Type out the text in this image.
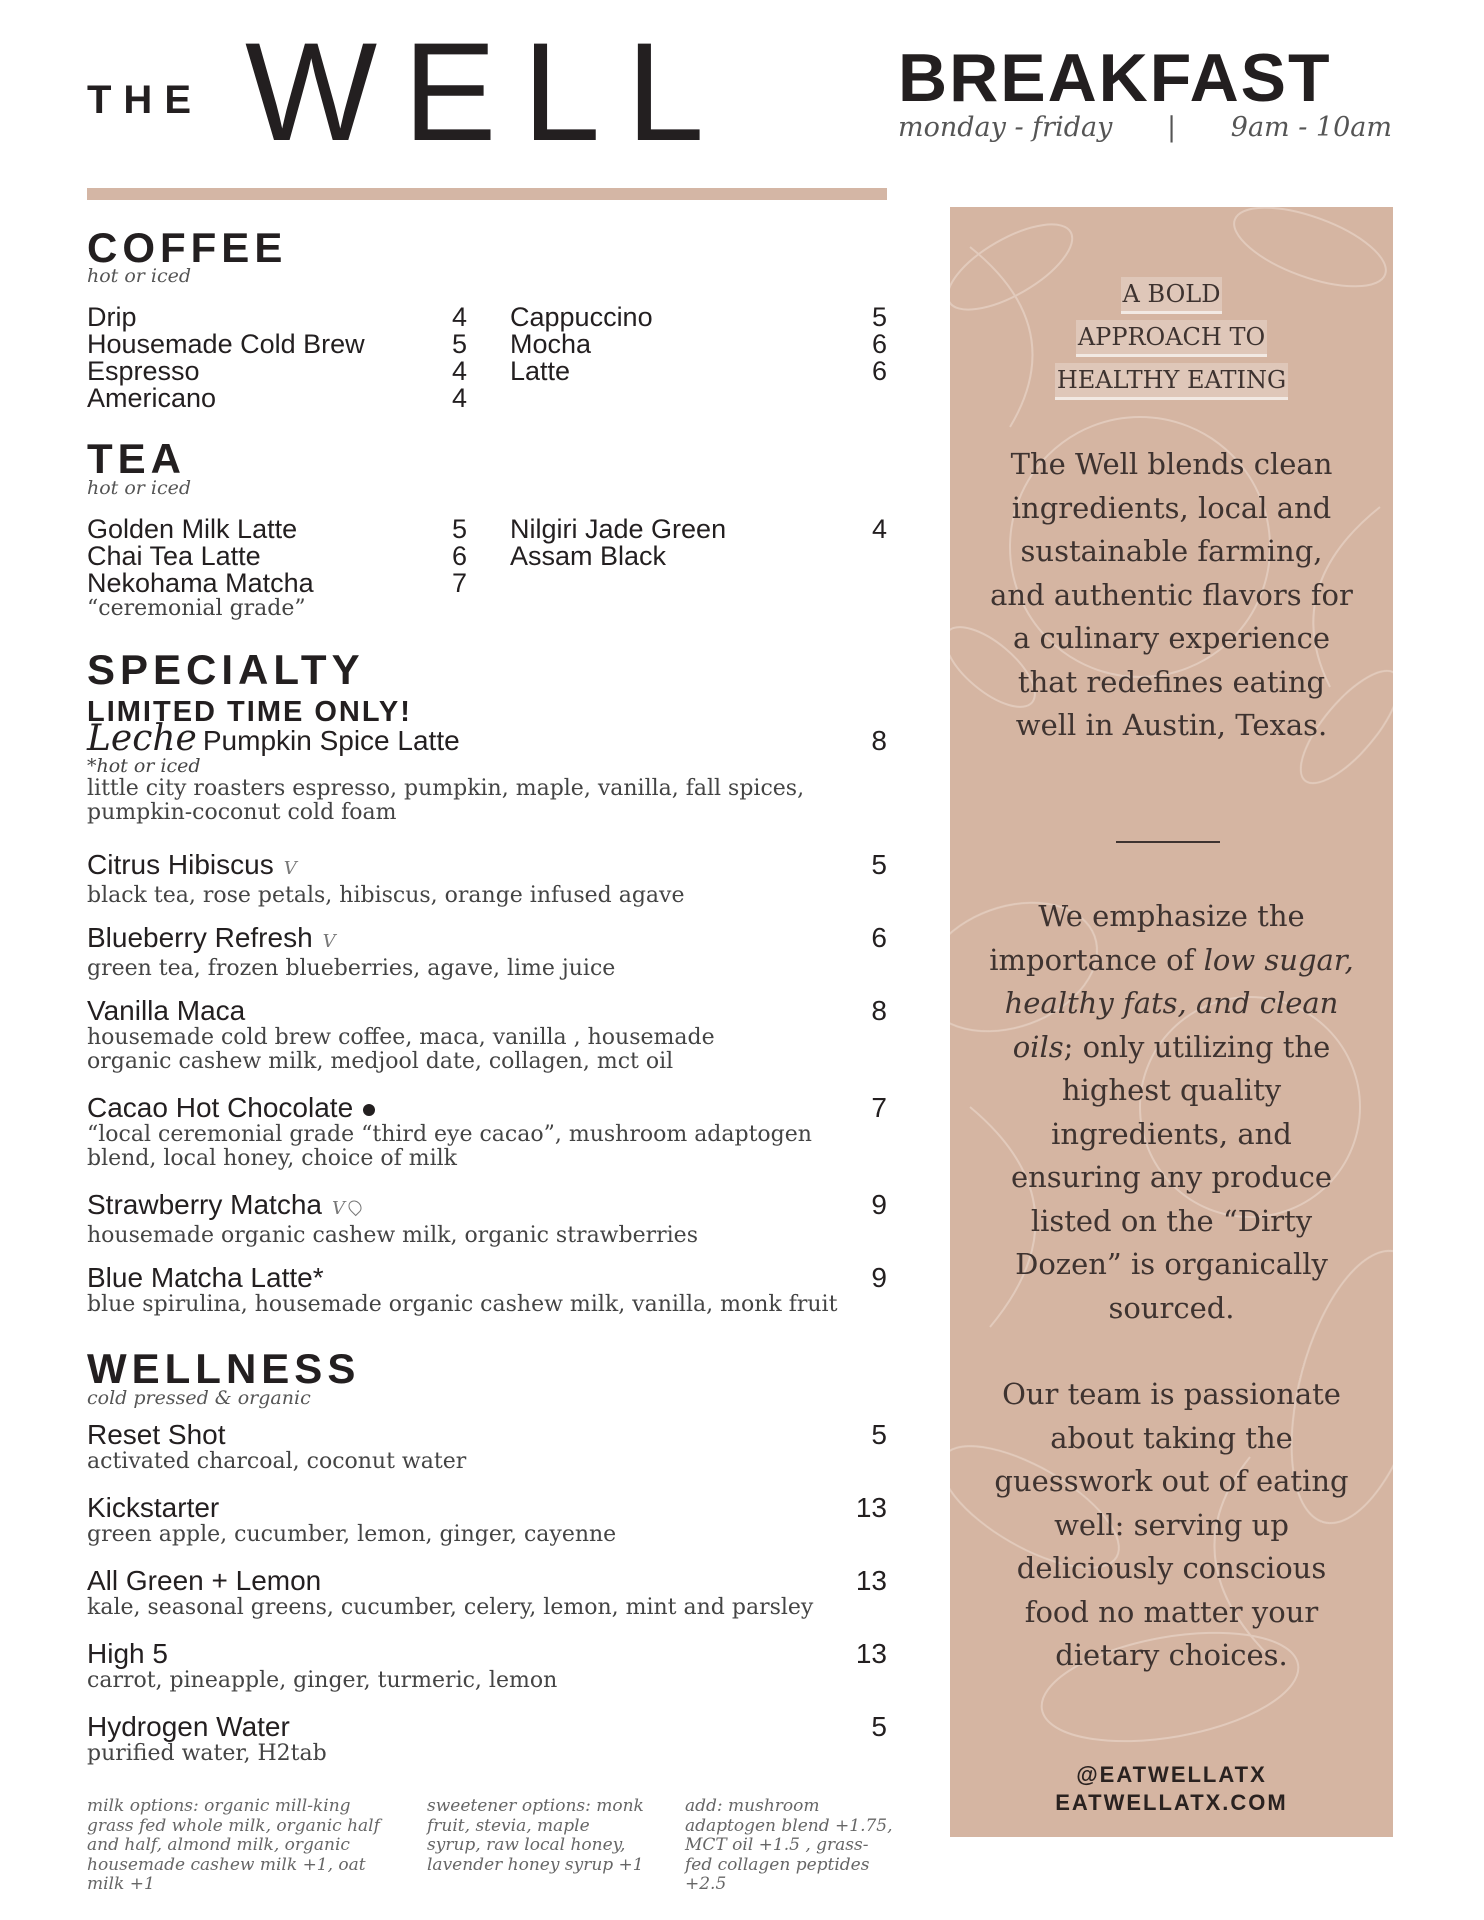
THE WELL BREAKFAST
monday - friday | 9am - 10am
COFFEE
hot or iced
Drip	4
Housemade Cold Brew	5
Espresso	4
Americano	4
Cappuccino	5
Mocha	6
Latte	6
TEA
hot or iced
Golden Milk Latte	5
Chai Tea Latte	6
Nekohama Matcha	7
“ceremonial grade”
Nilgiri Jade Green	4
Assam Black
SPECIALTY
LIMITED TIME ONLY!
Leche Pumpkin Spice Latte	8
*hot or iced
little city roasters espresso, pumpkin, maple, vanilla, fall spices, pumpkin-coconut cold foam
Citrus Hibiscus V	5
black tea, rose petals, hibiscus, orange infused agave
Blueberry Refresh V	6
green tea, frozen blueberries, agave, lime juice
Vanilla Maca	8
housemade cold brew coffee, maca, vanilla , housemade organic cashew milk, medjool date, collagen, mct oil
Cacao Hot Chocolate	7
“local ceremonial grade “third eye cacao”, mushroom adaptogen blend, local honey, choice of milk
Strawberry Matcha V	9
housemade organic cashew milk, organic strawberries
Blue Matcha Latte*	9
blue spirulina, housemade organic cashew milk, vanilla, monk fruit
WELLNESS
cold pressed & organic
Reset Shot	5
activated charcoal, coconut water
Kickstarter	13
green apple, cucumber, lemon, ginger, cayenne
All Green + Lemon	13
kale, seasonal greens, cucumber, celery, lemon, mint and parsley
High 5	13
carrot, pineapple, ginger, turmeric, lemon
Hydrogen Water	5
purified water, H2tab
milk options: organic mill-king grass fed whole milk, organic half and half, almond milk, organic housemade cashew milk +1, oat milk +1
sweetener options: monk fruit, stevia, maple syrup, raw local honey, lavender honey syrup +1
add: mushroom adaptogen blend +1.75, MCT oil +1.5 , grass-fed collagen peptides +2.5
A BOLD
APPROACH TO
HEALTHY EATING
The Well blends clean ingredients, local and sustainable farming, and authentic flavors for a culinary experience that redefines eating well in Austin, Texas.
We emphasize the importance of low sugar, healthy fats, and clean oils; only utilizing the highest quality ingredients, and ensuring any produce listed on the “Dirty Dozen” is organically sourced.
Our team is passionate about taking the guesswork out of eating well: serving up deliciously conscious food no matter your dietary choices.
@EATWELLATX
EATWELLATX.COM
